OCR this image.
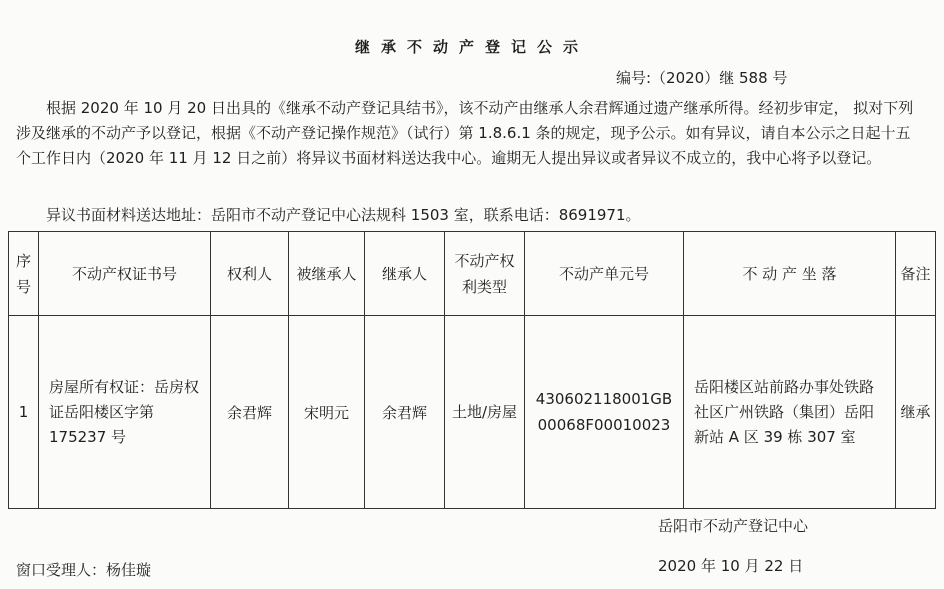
继承不动产登记公示
编号:（2020）继 588 号
根据 2020 年 10 月 20 日出具的《继承不动产登记具结书》，该不动产由继承人余君辉通过遗产继承所得。经初步审定， 拟对下列涉及继承的不动产予以登记，根据《不动产登记操作规范》（试行）第 1.8.6.1 条的规定，现予公示。如有异议，请自本公示之日起十五个工作日内（2020 年 11 月 12 日之前）将异议书面材料送达我中心。逾期无人提出异议或者异议不成立的，我中心将予以登记。
异议书面材料送达地址：岳阳市不动产登记中心法规科 1503 室，联系电话：8691971。
序号	不动产权证书号	权利人	被继承人	继承人	不动产权利类型	不动产单元号	不 动 产 坐 落	备注
1	房屋所有权证：岳房权证岳阳楼区字第 175237 号	余君辉	宋明元	余君辉	土地/房屋	430602118001GB00068F00010023	岳阳楼区站前路办事处铁路社区广州铁路（集团）岳阳新站 A 区 39 栋 307 室	继承
岳阳市不动产登记中心
窗口受理人：杨佳璇	2020 年 10 月 22 日
